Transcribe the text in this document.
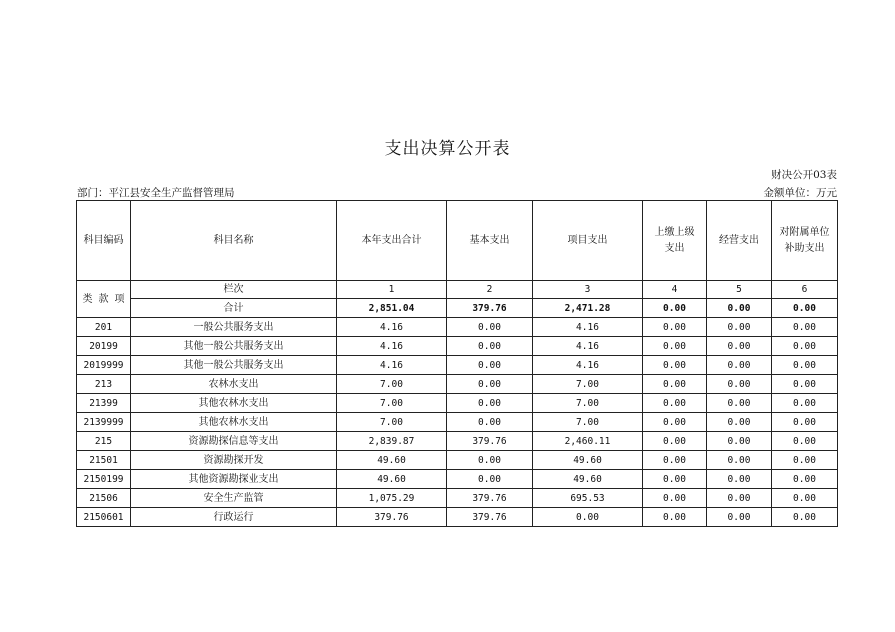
支出决算公开表
财决公开03表
部门：平江县安全生产监督管理局	金额单位：万元
科目编码	科目名称	本年支出合计	基本支出	项目支出	上缴上级支出	经营支出	对附属单位补助支出
类 款 项	栏次	1	2	3	4	5	6
	合计	2,851.04	379.76	2,471.28	0.00	0.00	0.00
201	一般公共服务支出	4.16	0.00	4.16	0.00	0.00	0.00
20199	其他一般公共服务支出	4.16	0.00	4.16	0.00	0.00	0.00
2019999	其他一般公共服务支出	4.16	0.00	4.16	0.00	0.00	0.00
213	农林水支出	7.00	0.00	7.00	0.00	0.00	0.00
21399	其他农林水支出	7.00	0.00	7.00	0.00	0.00	0.00
2139999	其他农林水支出	7.00	0.00	7.00	0.00	0.00	0.00
215	资源勘探信息等支出	2,839.87	379.76	2,460.11	0.00	0.00	0.00
21501	资源勘探开发	49.60	0.00	49.60	0.00	0.00	0.00
2150199	其他资源勘探业支出	49.60	0.00	49.60	0.00	0.00	0.00
21506	安全生产监管	1,075.29	379.76	695.53	0.00	0.00	0.00
2150601	行政运行	379.76	379.76	0.00	0.00	0.00	0.00
